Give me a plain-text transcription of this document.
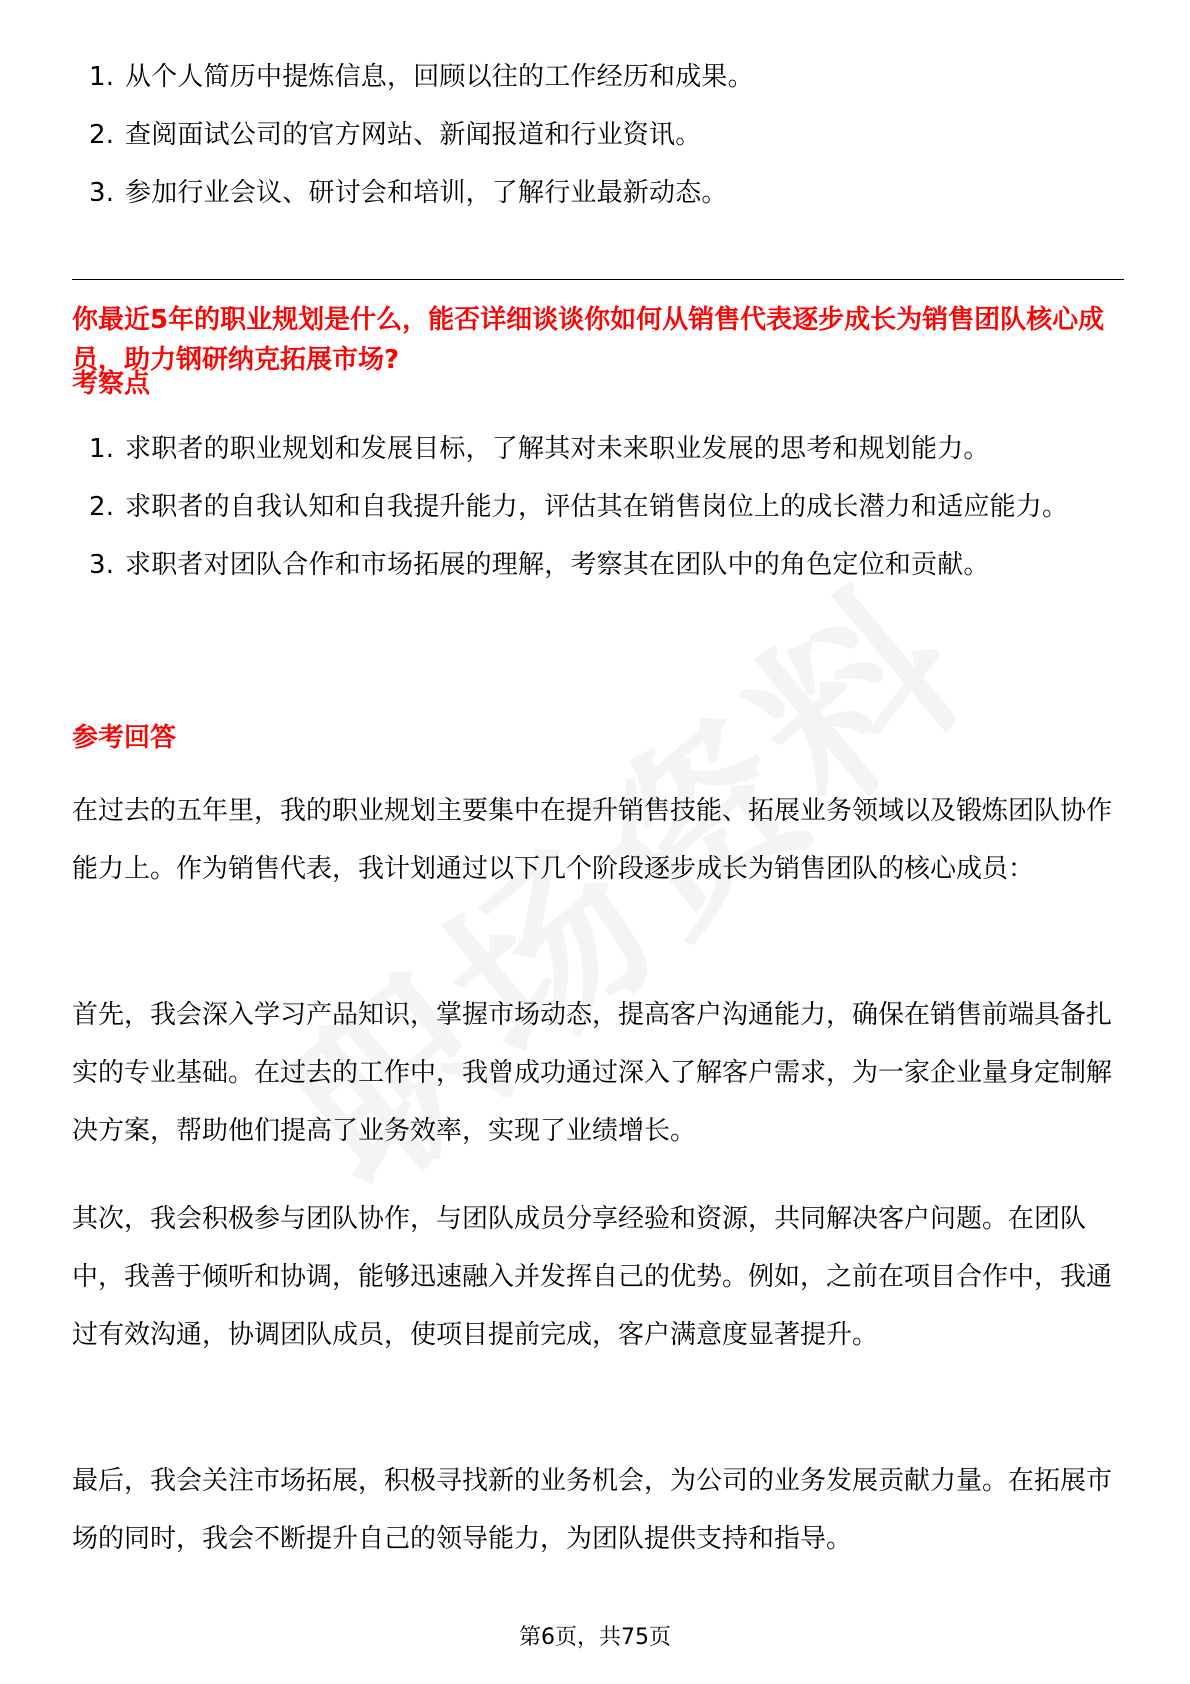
1. 从个人简历中提炼信息，回顾以往的工作经历和成果。
2. 查阅面试公司的官方网站、新闻报道和行业资讯。
3. 参加行业会议、研讨会和培训，了解行业最新动态。

你最近5年的职业规划是什么，能否详细谈谈你如何从销售代表逐步成长为销售团队核心成员，助力钢研纳克拓展市场?

考察点

1. 求职者的职业规划和发展目标，了解其对未来职业发展的思考和规划能力。
2. 求职者的自我认知和自我提升能力，评估其在销售岗位上的成长潜力和适应能力。
3. 求职者对团队合作和市场拓展的理解，考察其在团队中的角色定位和贡献。

参考回答

在过去的五年里，我的职业规划主要集中在提升销售技能、拓展业务领域以及锻炼团队协作能力上。作为销售代表，我计划通过以下几个阶段逐步成长为销售团队的核心成员：

首先，我会深入学习产品知识，掌握市场动态，提高客户沟通能力，确保在销售前端具备扎实的专业基础。在过去的工作中，我曾成功通过深入了解客户需求，为一家企业量身定制解决方案，帮助他们提高了业务效率，实现了业绩增长。

其次，我会积极参与团队协作，与团队成员分享经验和资源，共同解决客户问题。在团队中，我善于倾听和协调，能够迅速融入并发挥自己的优势。例如，之前在项目合作中，我通过有效沟通，协调团队成员，使项目提前完成，客户满意度显著提升。

最后，我会关注市场拓展，积极寻找新的业务机会，为公司的业务发展贡献力量。在拓展市场的同时，我会不断提升自己的领导能力，为团队提供支持和指导。

第6页，共75页
